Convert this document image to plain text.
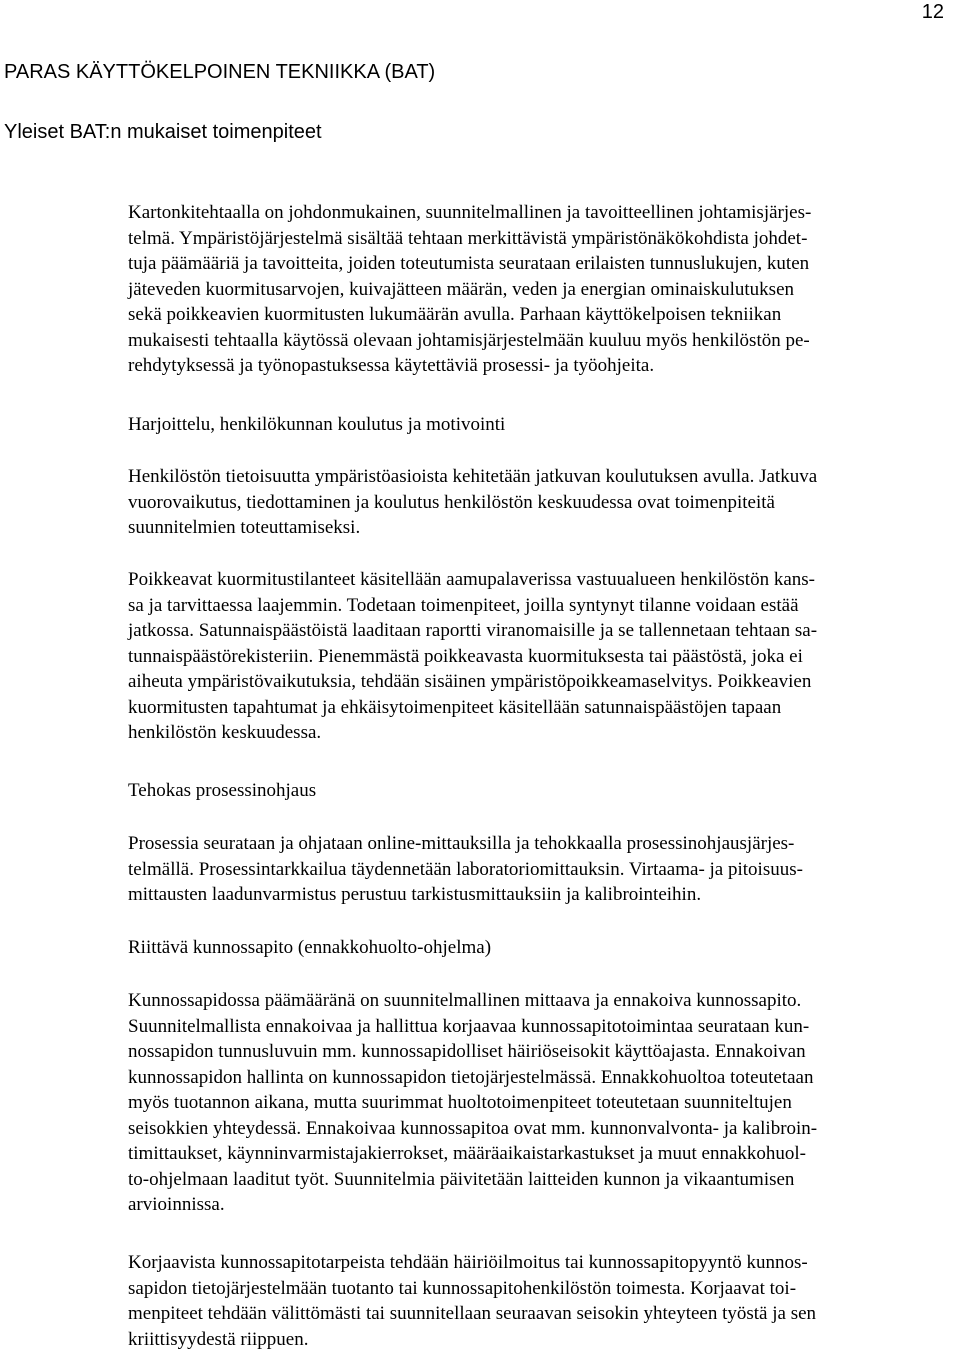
12
PARAS KÄYTTÖKELPOINEN TEKNIIKKA (BAT)
Yleiset BAT:n mukaiset toimenpiteet

Kartonkitehtaalla on johdonmukainen, suunnitelmallinen ja tavoitteellinen johtamisjärjes-
telmä. Ympäristöjärjestelmä sisältää tehtaan merkittävistä ympäristönäkökohdista johdet-
tuja päämääriä ja tavoitteita, joiden toteutumista seurataan erilaisten tunnuslukujen, kuten
jäteveden kuormitusarvojen, kuivajätteen määrän, veden ja energian ominaiskulutuksen
sekä poikkeavien kuormitusten lukumäärän avulla. Parhaan käyttökelpoisen tekniikan
mukaisesti tehtaalla käytössä olevaan johtamisjärjestelmään kuuluu myös henkilöstön pe-
rehdytyksessä ja työnopastuksessa käytettäviä prosessi- ja työohjeita.

Harjoittelu, henkilökunnan koulutus ja motivointi

Henkilöstön tietoisuutta ympäristöasioista kehitetään jatkuvan koulutuksen avulla. Jatkuva
vuorovaikutus, tiedottaminen ja koulutus henkilöstön keskuudessa ovat toimenpiteitä
suunnitelmien toteuttamiseksi.

Poikkeavat kuormitustilanteet käsitellään aamupalaverissa vastuualueen henkilöstön kans-
sa ja tarvittaessa laajemmin. Todetaan toimenpiteet, joilla syntynyt tilanne voidaan estää
jatkossa. Satunnaispäästöistä laaditaan raportti viranomaisille ja se tallennetaan tehtaan sa-
tunnaispäästörekisteriin. Pienemmästä poikkeavasta kuormituksesta tai päästöstä, joka ei
aiheuta ympäristövaikutuksia, tehdään sisäinen ympäristöpoikkeamaselvitys. Poikkeavien
kuormitusten tapahtumat ja ehkäisytoimenpiteet käsitellään satunnaispäästöjen tapaan
henkilöstön keskuudessa.

Tehokas prosessinohjaus

Prosessia seurataan ja ohjataan online-mittauksilla ja tehokkaalla prosessinohjausjärjes-
telmällä. Prosessintarkkailua täydennetään laboratoriomittauksin. Virtaama- ja pitoisuus-
mittausten laadunvarmistus perustuu tarkistusmittauksiin ja kalibrointeihin.

Riittävä kunnossapito (ennakkohuolto-ohjelma)

Kunnossapidossa päämääränä on suunnitelmallinen mittaava ja ennakoiva kunnossapito.
Suunnitelmallista ennakoivaa ja hallittua korjaavaa kunnossapitotoimintaa seurataan kun-
nossapidon tunnusluvuin mm. kunnossapidolliset häiriöseisokit käyttöajasta. Ennakoivan
kunnossapidon hallinta on kunnossapidon tietojärjestelmässä. Ennakkohuoltoa toteutetaan
myös tuotannon aikana, mutta suurimmat huoltotoimenpiteet toteutetaan suunniteltujen
seisokkien yhteydessä. Ennakoivaa kunnossapitoa ovat mm. kunnonvalvonta- ja kalibroin-
timittaukset, käynninvarmistajakierrokset, määräaikaistarkastukset ja muut ennakkohuol-
to-ohjelmaan laaditut työt. Suunnitelmia päivitetään laitteiden kunnon ja vikaantumisen
arvioinnissa.

Korjaavista kunnossapitotarpeista tehdään häiriöilmoitus tai kunnossapitopyyntö kunnos-
sapidon tietojärjestelmään tuotanto tai kunnossapitohenkilöstön toimesta. Korjaavat toi-
menpiteet tehdään välittömästi tai suunnitellaan seuraavan seisokin yhteyteen työstä ja sen
kriittisyydestä riippuen.
